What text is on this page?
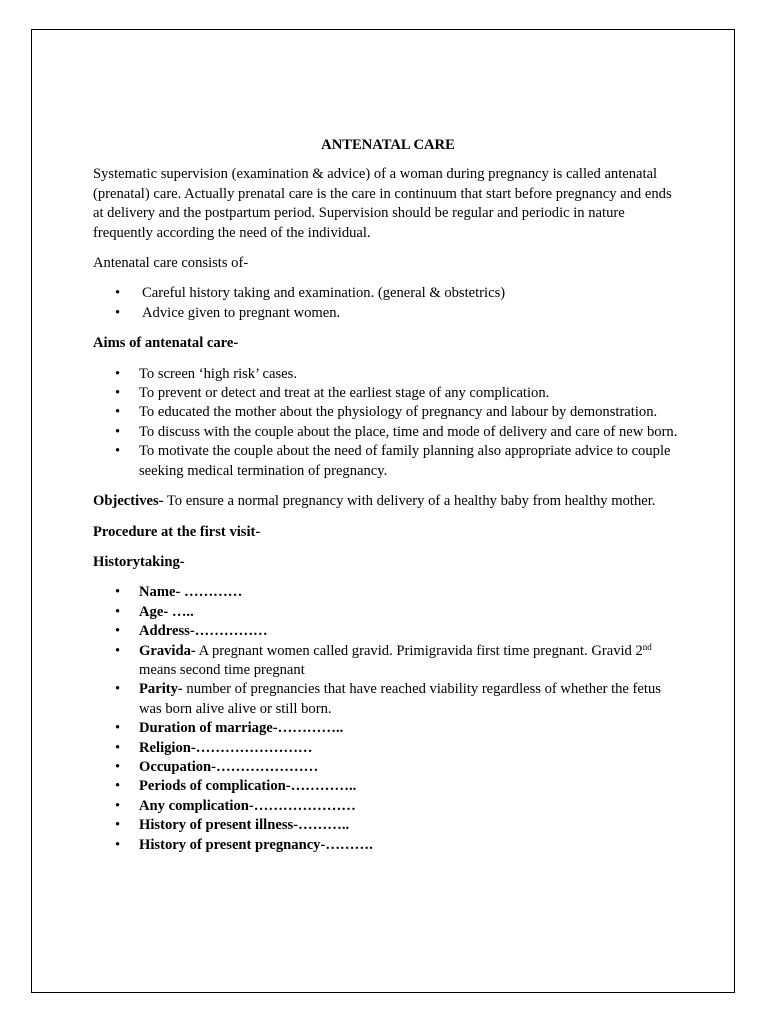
ANTENATAL CARE

Systematic supervision (examination & advice) of a woman during pregnancy is called antenatal (prenatal) care. Actually prenatal care is the care in continuum that start before pregnancy and ends at delivery and the postpartum period. Supervision should be regular and periodic in nature frequently according the need of the individual.

Antenatal care consists of-

• Careful history taking and examination. (general & obstetrics)
• Advice given to pregnant women.

Aims of antenatal care-

• To screen ‘high risk’ cases.
• To prevent or detect and treat at the earliest stage of any complication.
• To educated the mother about the physiology of pregnancy and labour by demonstration.
• To discuss with the couple about the place, time and mode of delivery and care of new born.
• To motivate the couple about the need of family planning also appropriate advice to couple seeking medical termination of pregnancy.

Objectives- To ensure a normal pregnancy with delivery of a healthy baby from healthy mother.

Procedure at the first visit-

Historytaking-

• Name- …………
• Age- …..
• Address-……………
• Gravida- A pregnant women called gravid. Primigravida first time pregnant. Gravid 2nd means second time pregnant
• Parity- number of pregnancies that have reached viability regardless of whether the fetus was born alive alive or still born.
• Duration of marriage-…………..
• Religion-……………………
• Occupation-…………………
• Periods of complication-…………..
• Any complication-…………………
• History of present illness-………..
• History of present pregnancy-……….
